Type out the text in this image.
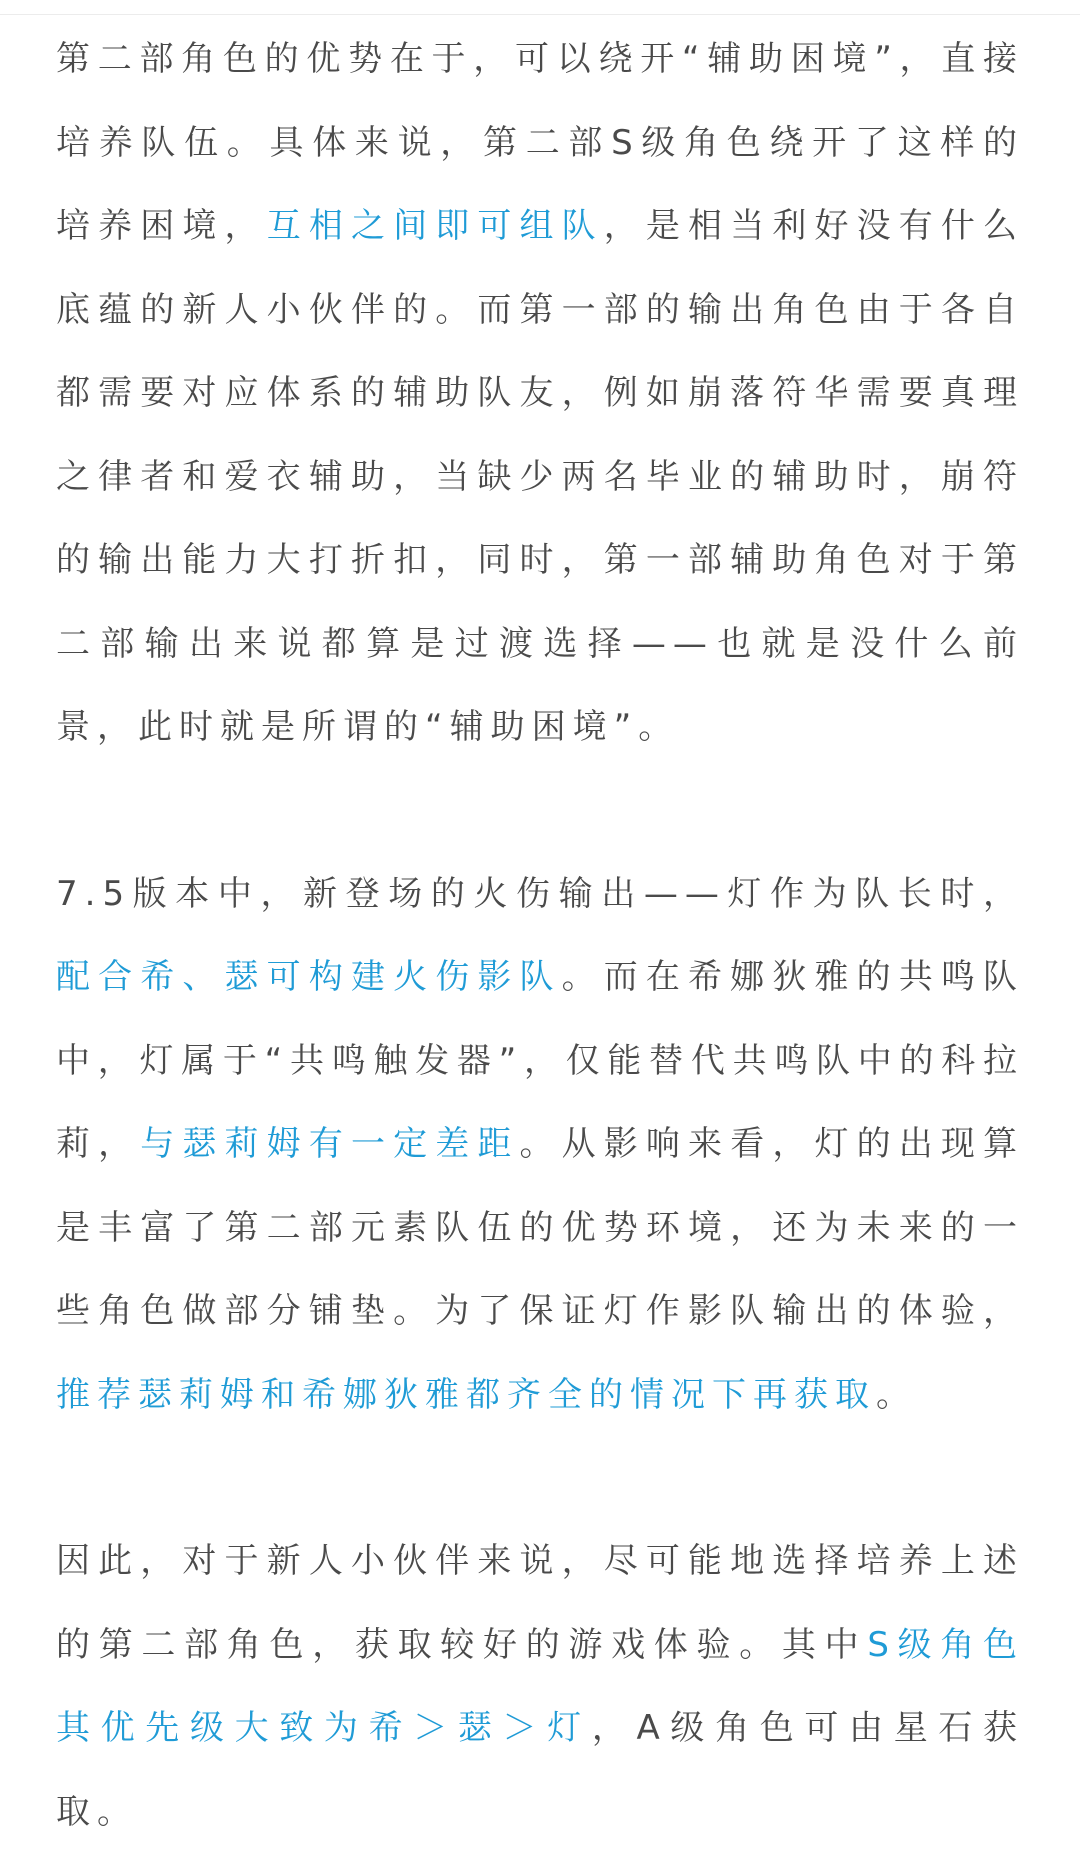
第二部角色的优势在于，可以绕开“辅助困境”，直接培养队伍。具体来说，第二部S级角色绕开了这样的培养困境，互相之间即可组队，是相当利好没有什么底蕴的新人小伙伴的。而第一部的输出角色由于各自都需要对应体系的辅助队友，例如崩落符华需要真理之律者和爱衣辅助，当缺少两名毕业的辅助时，崩符的输出能力大打折扣，同时，第一部辅助角色对于第二部输出来说都算是过渡选择——也就是没什么前景，此时就是所谓的“辅助困境”。

7.5版本中，新登场的火伤输出——灯作为队长时，配合希、瑟可构建火伤影队。而在希娜狄雅的共鸣队中，灯属于“共鸣触发器”，仅能替代共鸣队中的科拉莉，与瑟莉姆有一定差距。从影响来看，灯的出现算是丰富了第二部元素队伍的优势环境，还为未来的一些角色做部分铺垫。为了保证灯作影队输出的体验，推荐瑟莉姆和希娜狄雅都齐全的情况下再获取。

因此，对于新人小伙伴来说，尽可能地选择培养上述的第二部角色，获取较好的游戏体验。其中S级角色其优先级大致为希＞瑟＞灯，A级角色可由星石获取。
